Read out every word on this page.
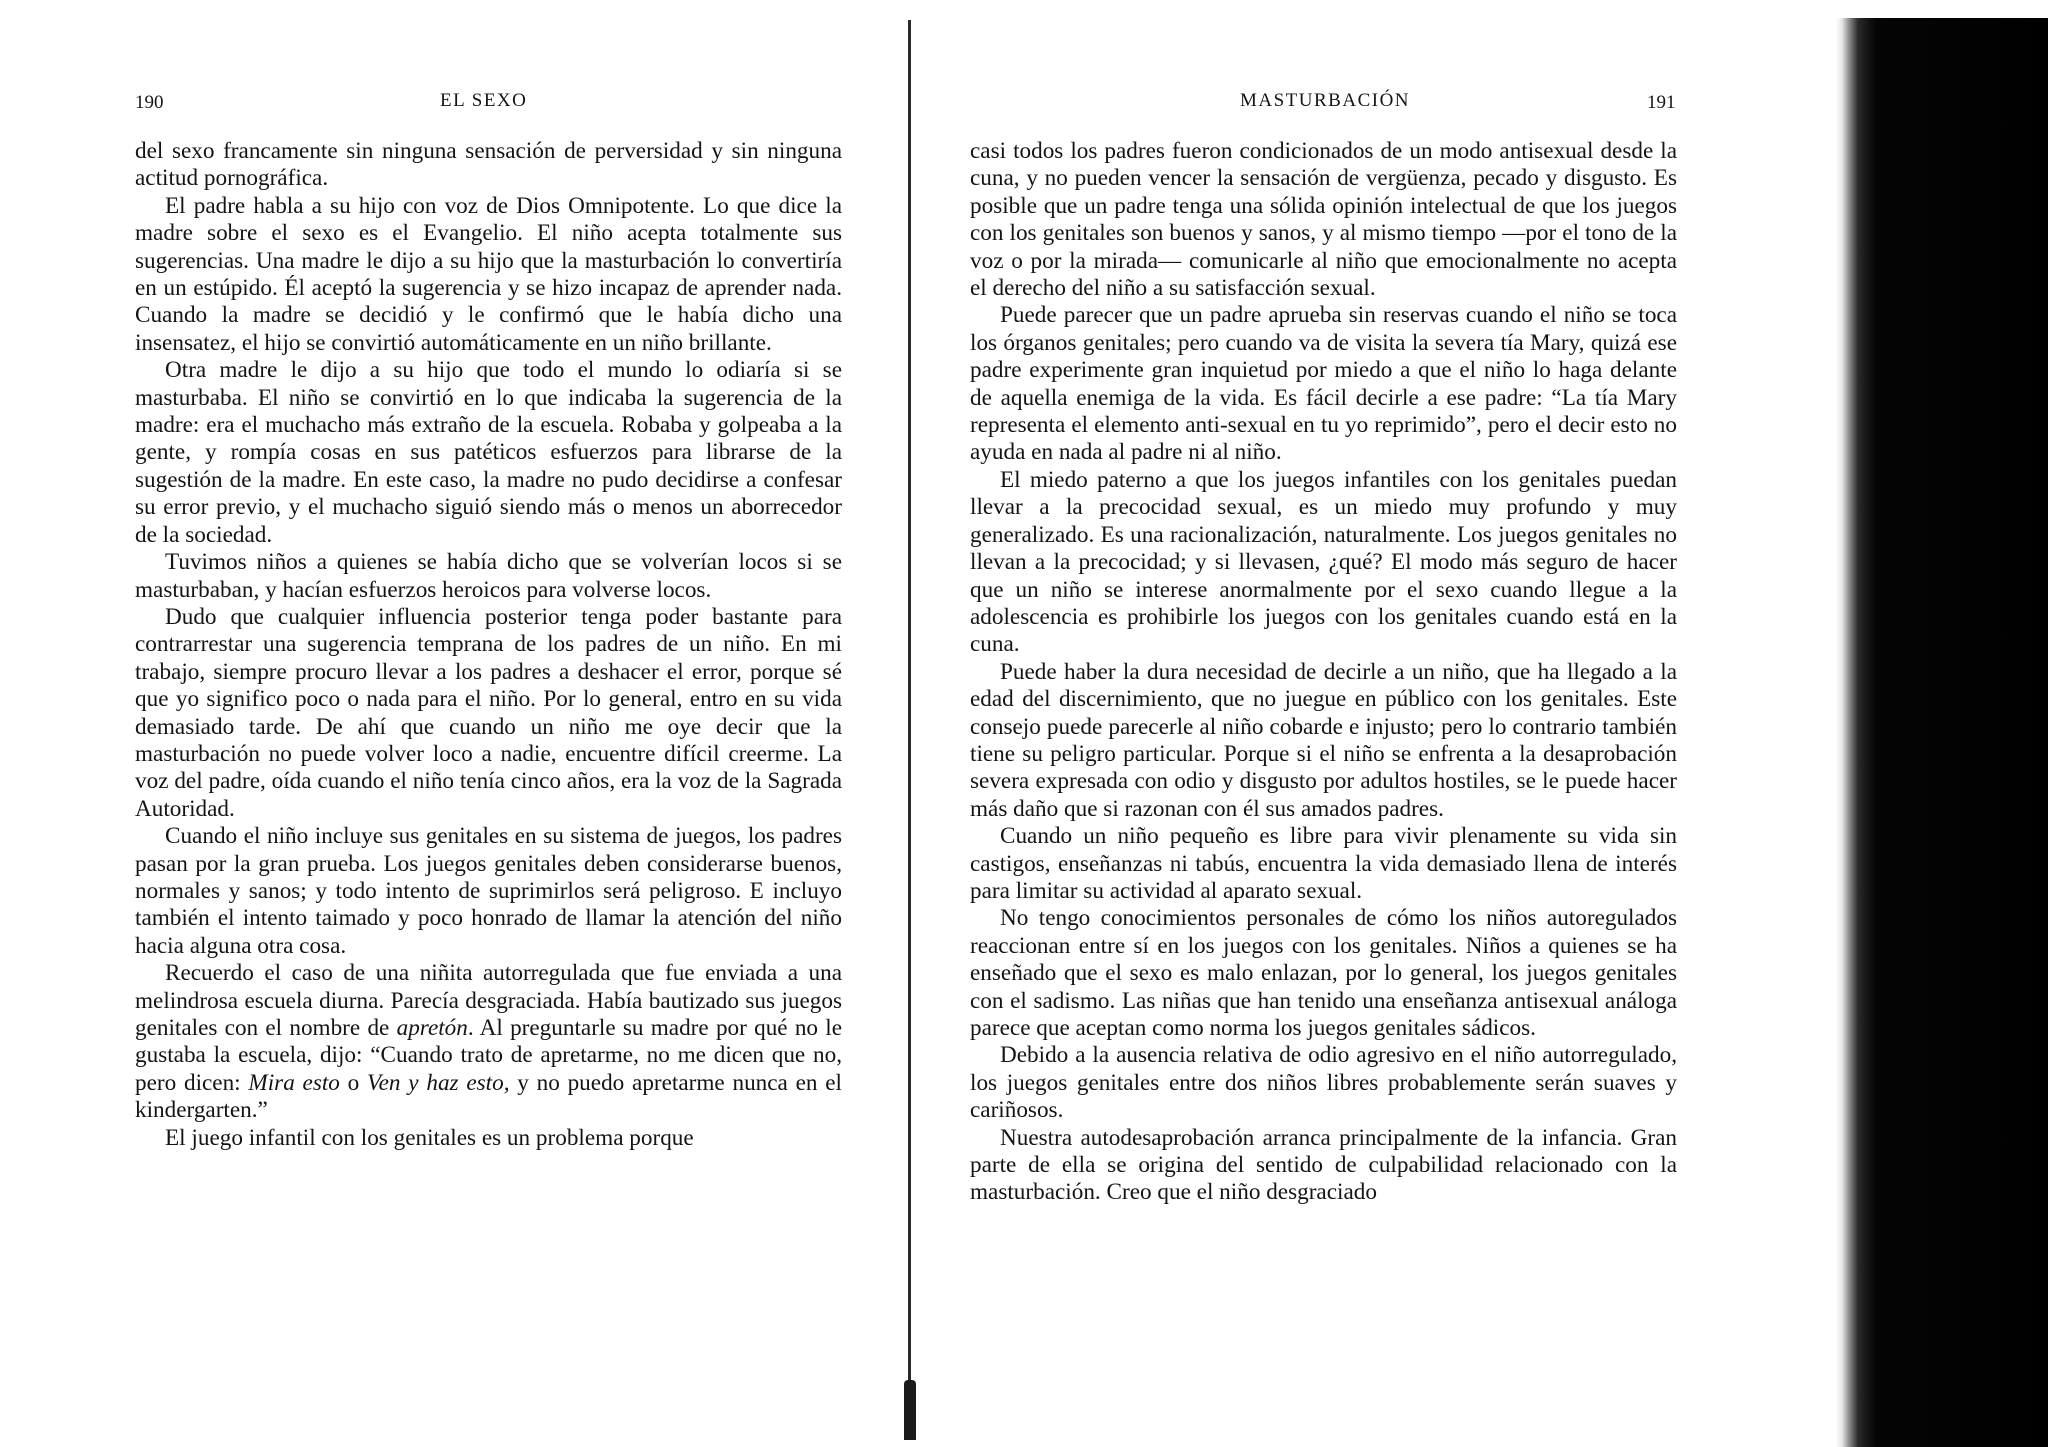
190	EL SEXO

del sexo francamente sin ninguna sensación de perversidad y sin ninguna actitud pornográfica.

El padre habla a su hijo con voz de Dios Omnipotente. Lo que dice la madre sobre el sexo es el Evangelio. El niño acepta totalmente sus sugerencias. Una madre le dijo a su hijo que la masturbación lo convertiría en un estúpido. Él aceptó la sugerencia y se hizo incapaz de aprender nada. Cuando la madre se decidió y le confirmó que le había dicho una insensatez, el hijo se convirtió automáticamente en un niño brillante.

Otra madre le dijo a su hijo que todo el mundo lo odiaría si se masturbaba. El niño se convirtió en lo que indicaba la sugerencia de la madre: era el muchacho más extraño de la escuela. Robaba y golpeaba a la gente, y rompía cosas en sus patéticos esfuerzos para librarse de la sugestión de la madre. En este caso, la madre no pudo decidirse a confesar su error previo, y el muchacho siguió siendo más o menos un aborrecedor de la sociedad.

Tuvimos niños a quienes se había dicho que se volverían locos si se masturbaban, y hacían esfuerzos heroicos para volverse locos.

Dudo que cualquier influencia posterior tenga poder bastante para contrarrestar una sugerencia temprana de los padres de un niño. En mi trabajo, siempre procuro llevar a los padres a deshacer el error, porque sé que yo significo poco o nada para el niño. Por lo general, entro en su vida demasiado tarde. De ahí que cuando un niño me oye decir que la masturbación no puede volver loco a nadie, encuentre difícil creerme. La voz del padre, oída cuando el niño tenía cinco años, era la voz de la Sagrada Autoridad.

Cuando el niño incluye sus genitales en su sistema de juegos, los padres pasan por la gran prueba. Los juegos genitales deben considerarse buenos, normales y sanos; y todo intento de suprimirlos será peligroso. E incluyo también el intento taimado y poco honrado de llamar la atención del niño hacia alguna otra cosa.

Recuerdo el caso de una niñita autorregulada que fue enviada a una melindrosa escuela diurna. Parecía desgraciada. Había bautizado sus juegos genitales con el nombre de apretón. Al preguntarle su madre por qué no le gustaba la escuela, dijo: “Cuando trato de apretarme, no me dicen que no, pero dicen: Mira esto o Ven y haz esto, y no puedo apretarme nunca en el kindergarten.”

El juego infantil con los genitales es un problema porque

MASTURBACIÓN	191

casi todos los padres fueron condicionados de un modo antisexual desde la cuna, y no pueden vencer la sensación de vergüenza, pecado y disgusto. Es posible que un padre tenga una sólida opinión intelectual de que los juegos con los genitales son buenos y sanos, y al mismo tiempo —por el tono de la voz o por la mirada— comunicarle al niño que emocionalmente no acepta el derecho del niño a su satisfacción sexual.

Puede parecer que un padre aprueba sin reservas cuando el niño se toca los órganos genitales; pero cuando va de visita la severa tía Mary, quizá ese padre experimente gran inquietud por miedo a que el niño lo haga delante de aquella enemiga de la vida. Es fácil decirle a ese padre: “La tía Mary representa el elemento anti-sexual en tu yo reprimido”, pero el decir esto no ayuda en nada al padre ni al niño.

El miedo paterno a que los juegos infantiles con los genitales puedan llevar a la precocidad sexual, es un miedo muy profundo y muy generalizado. Es una racionalización, naturalmente. Los juegos genitales no llevan a la precocidad; y si llevasen, ¿qué? El modo más seguro de hacer que un niño se interese anormalmente por el sexo cuando llegue a la adolescencia es prohibirle los juegos con los genitales cuando está en la cuna.

Puede haber la dura necesidad de decirle a un niño, que ha llegado a la edad del discernimiento, que no juegue en público con los genitales. Este consejo puede parecerle al niño cobarde e injusto; pero lo contrario también tiene su peligro particular. Porque si el niño se enfrenta a la desaprobación severa expresada con odio y disgusto por adultos hostiles, se le puede hacer más daño que si razonan con él sus amados padres.

Cuando un niño pequeño es libre para vivir plenamente su vida sin castigos, enseñanzas ni tabús, encuentra la vida demasiado llena de interés para limitar su actividad al aparato sexual.

No tengo conocimientos personales de cómo los niños autoregulados reaccionan entre sí en los juegos con los genitales. Niños a quienes se ha enseñado que el sexo es malo enlazan, por lo general, los juegos genitales con el sadismo. Las niñas que han tenido una enseñanza antisexual análoga parece que aceptan como norma los juegos genitales sádicos.

Debido a la ausencia relativa de odio agresivo en el niño autorregulado, los juegos genitales entre dos niños libres probablemente serán suaves y cariñosos.

Nuestra autodesaprobación arranca principalmente de la infancia. Gran parte de ella se origina del sentido de culpabilidad relacionado con la masturbación. Creo que el niño desgraciado
